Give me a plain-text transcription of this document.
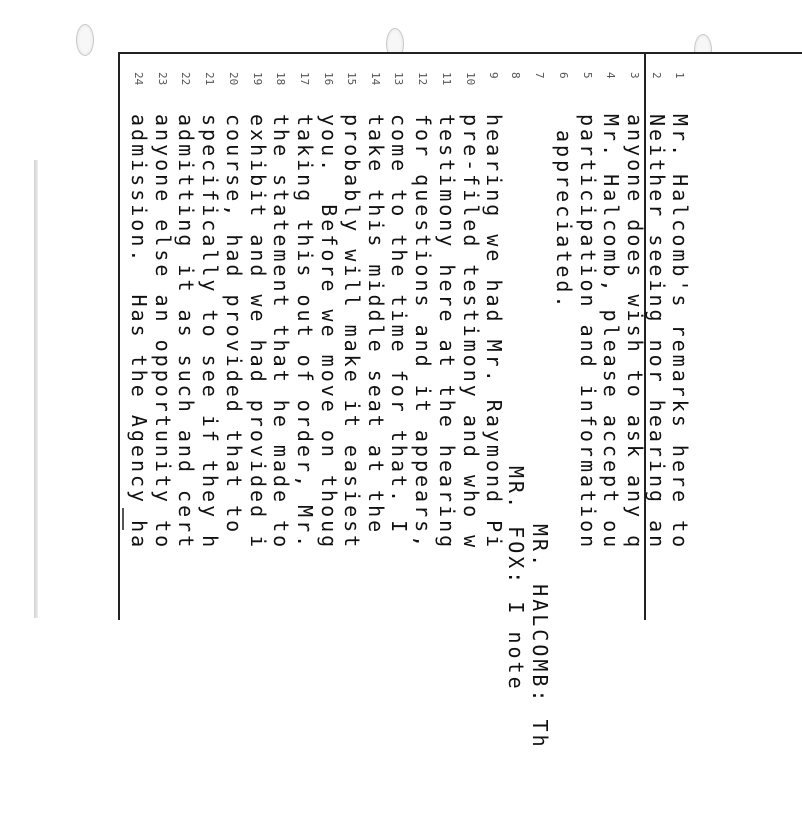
1
2
3
4
5
6
7
8
9
10
11
12
13
14
15
16
17
18
19
20
21
22
23
24
Mr. Halcomb's remarks here to
Neither seeing nor hearing an
anyone does wish to ask any q
Mr. Halcomb, please accept ou
participation and information
appreciated.
MR. HALCOMB: Th
MR. FOX: I note
hearing we had Mr. Raymond Pi
pre-filed testimony and who w
testimony here at the hearing
for questions and it appears,
come to the time for that. I
take this middle seat at the
probably will make it easiest
you.  Before we move on thoug
taking this out of order, Mr.
the statement that he made to
exhibit and we had provided i
course, had provided that to
specifically to see if they h
admitting it as such and cert
anyone else an opportunity to
admission.  Has the Agency ha
